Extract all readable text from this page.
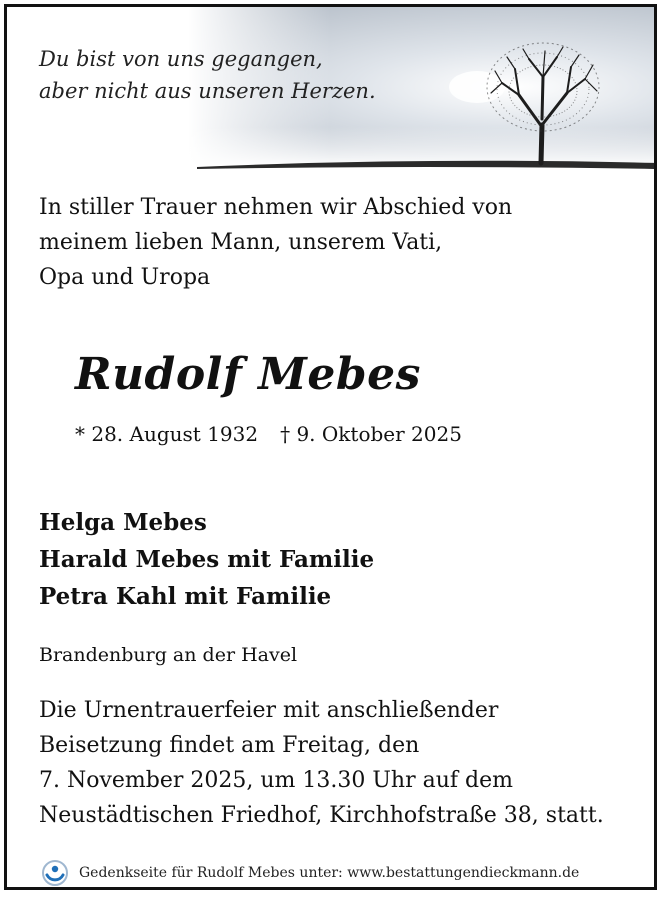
Du bist von uns gegangen,
aber nicht aus unseren Herzen.
In stiller Trauer nehmen wir Abschied von
meinem lieben Mann, unserem Vati,
Opa und Uropa
Rudolf Mebes
* 28. August 1932 † 9. Oktober 2025
Helga Mebes
Harald Mebes mit Familie
Petra Kahl mit Familie
Brandenburg an der Havel
Die Urnentrauerfeier mit anschließender
Beisetzung findet am Freitag, den
7. November 2025, um 13.30 Uhr auf dem
Neustädtischen Friedhof, Kirchhofstraße 38, statt.
Gedenkseite für Rudolf Mebes unter: www.bestattungendieckmann.de
